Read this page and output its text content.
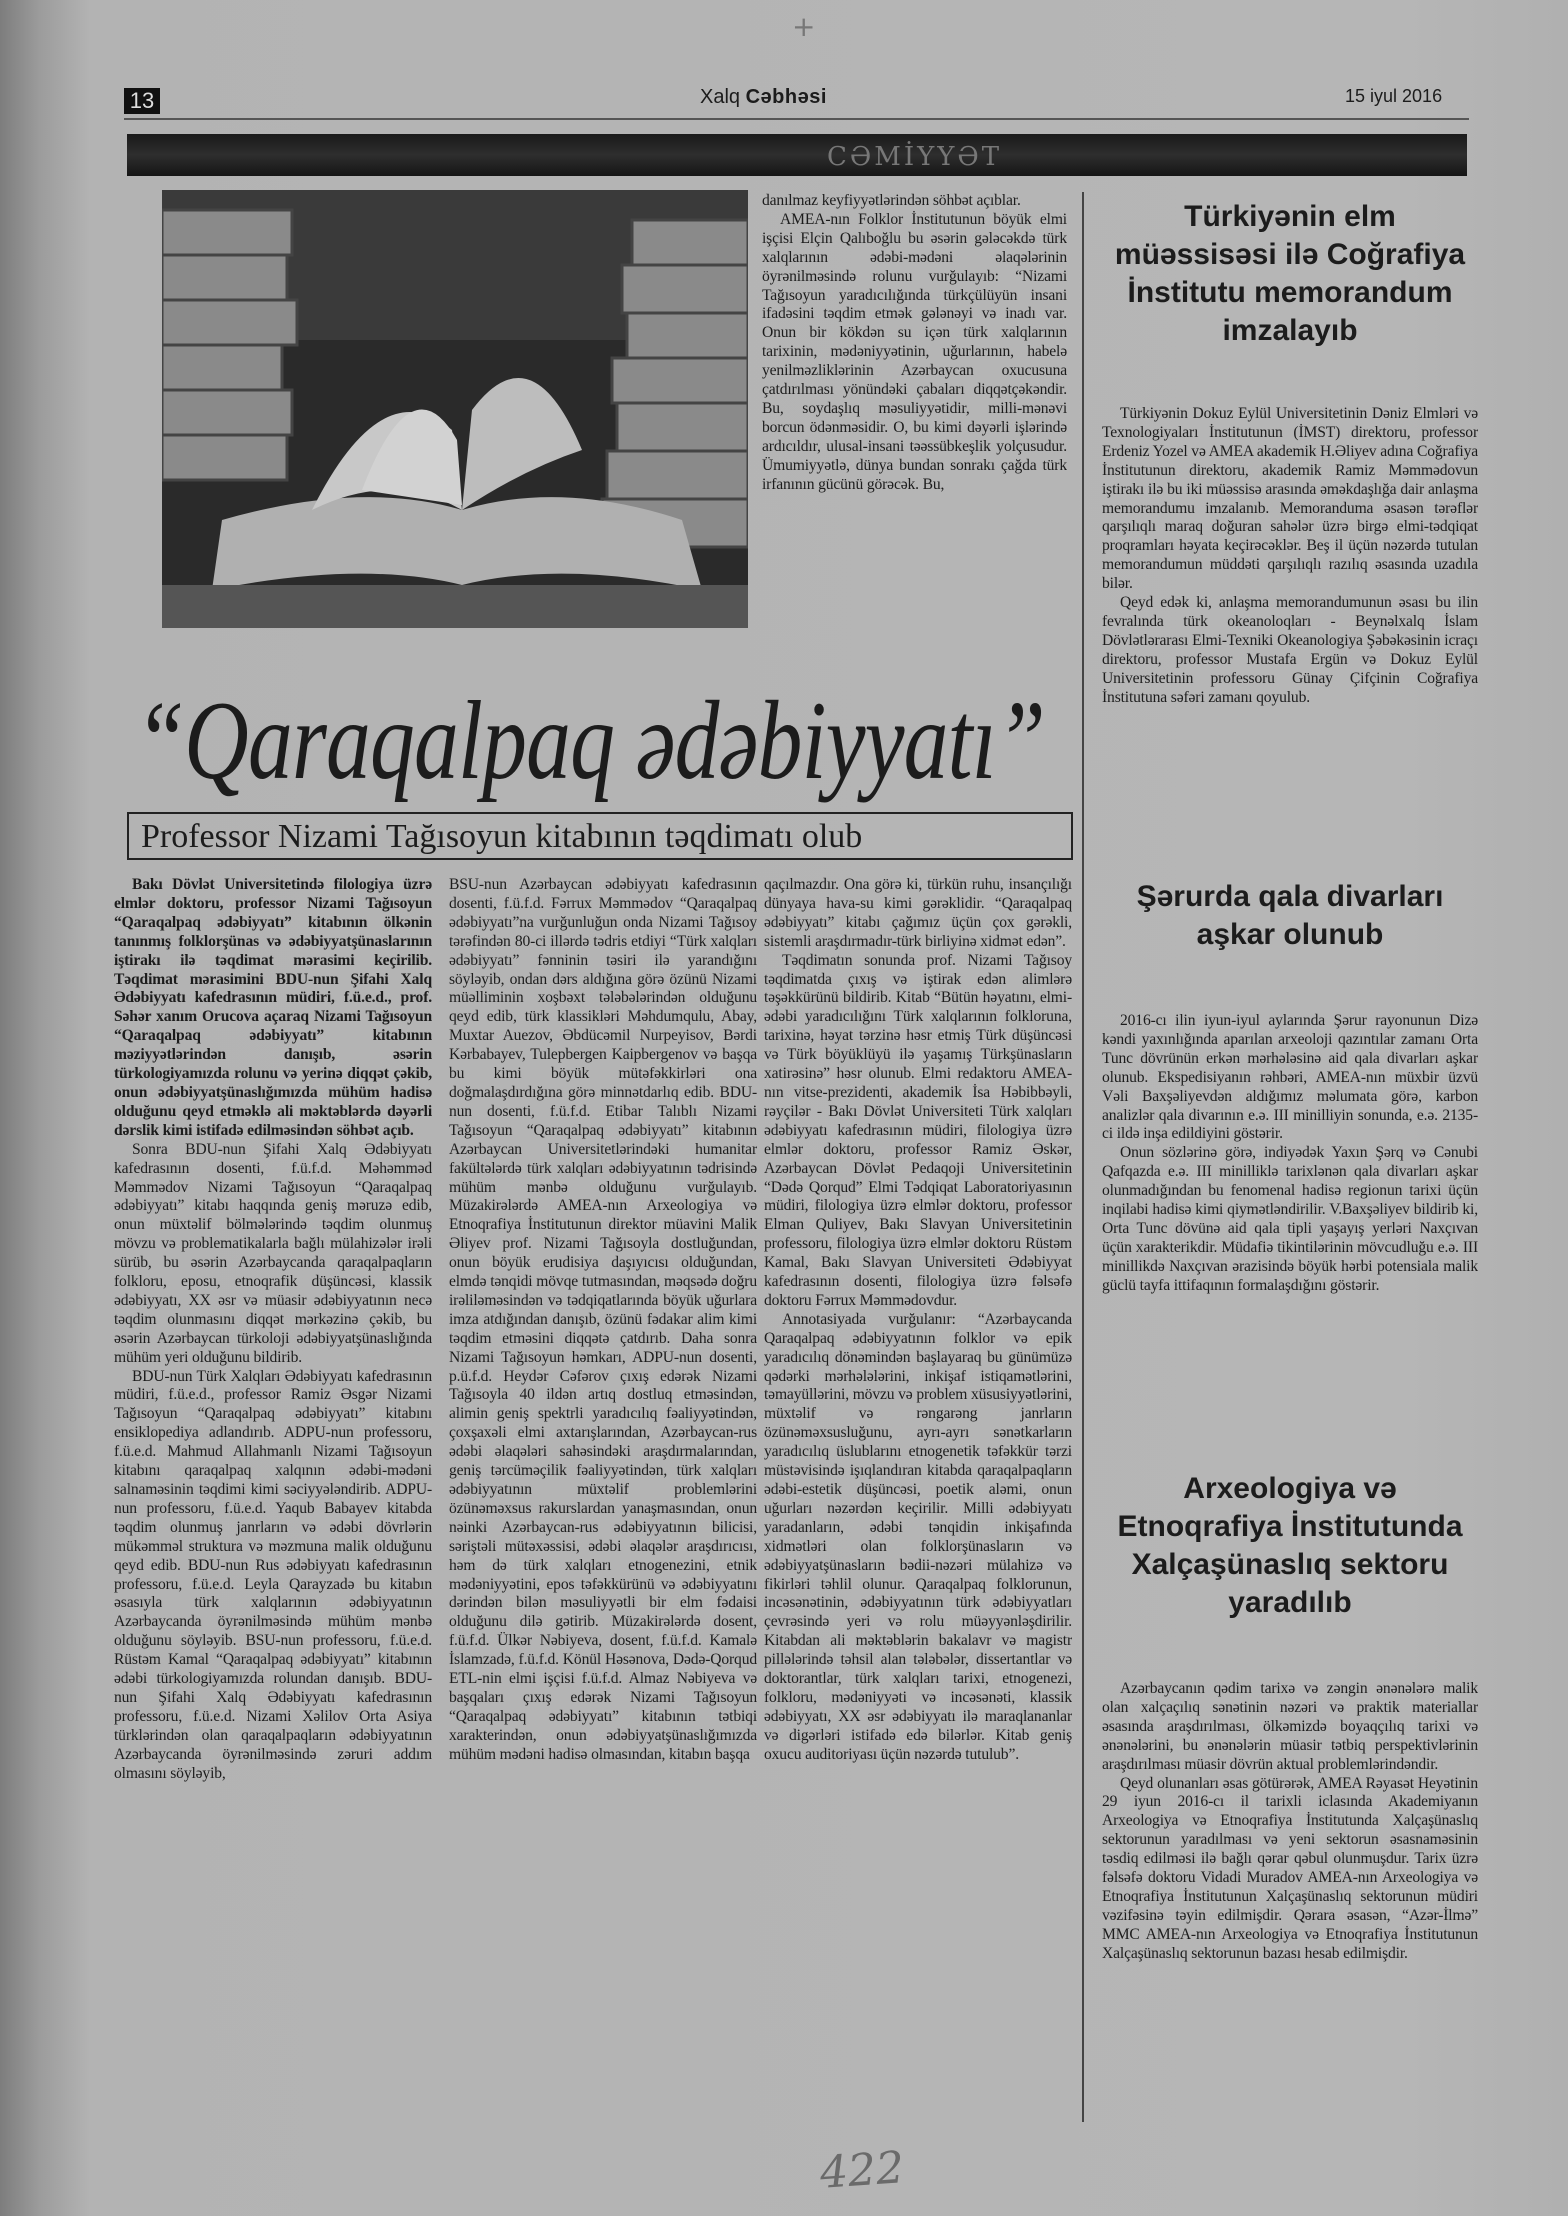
+
13	Xalq Cəbhəsi	15 iyul 2016
CƏMİYYƏT

danılmaz keyfiyyətlərindən söhbət açıblar.

AMEA-nın Folklor İnstitutunun böyük elmi işçisi Elçin Qalıboğlu bu əsərin gələcəkdə türk xalqlarının ədəbi-mədəni əlaqələrinin öyrənilməsində rolunu vurğulayıb: “Nizami Tağısoyun yaradıcılığında türkçülüyün insani ifadəsini təqdim etmək gələnəyi və inadı var. Onun bir kökdən su içən türk xalqlarının tarixinin, mədəniyyətinin, uğurlarının, habelə yenilməzliklərinin Azərbaycan oxucusuna çatdırılması yönündəki çabaları diqqətçəkəndir. Bu, soydaşlıq məsuliyyətidir, milli-mənəvi borcun ödənməsidir. O, bu kimi dəyərli işlərində ardıcıldır, ulusal-insani təəssübkeşlik yolçusudur. Ümumiyyətlə, dünya bundan sonrakı çağda türk irfanının gücünü görəcək. Bu,

“Qaraqalpaq ədəbiyyatı”
Professor Nizami Tağısoyun kitabının təqdimatı olub

Bakı Dövlət Universitetində filologiya üzrə elmlər doktoru, professor Nizami Tağısoyun “Qaraqalpaq ədəbiyyatı” kitabının ölkənin tanınmış folklorşünas və ədəbiyyatşünaslarının iştirakı ilə təqdimat mərasimi keçirilib. Təqdimat mərasimini BDU-nun Şifahi Xalq Ədəbiyyatı kafedrasının müdiri, f.ü.e.d., prof. Səhər xanım Orucova açaraq Nizami Tağısoyun “Qaraqalpaq ədəbiyyatı” kitabının məziyyətlərindən danışıb, əsərin türkologiyamızda rolunu və yerinə diqqət çəkib, onun ədəbiyyatşünaslığımızda mühüm hadisə olduğunu qeyd etməklə ali məktəblərdə dəyərli dərslik kimi istifadə edilməsindən söhbət açıb.

Sonra BDU-nun Şifahi Xalq Ədəbiyyatı kafedrasının dosenti, f.ü.f.d. Məhəmməd Məmmədov Nizami Tağısoyun “Qaraqalpaq ədəbiyyatı” kitabı haqqında geniş məruzə edib, onun müxtəlif bölmələrində təqdim olunmuş mövzu və problematikalarla bağlı mülahizələr irəli sürüb, bu əsərin Azərbaycanda qaraqalpaqların folkloru, eposu, etnoqrafik düşüncəsi, klassik ədəbiyyatı, XX əsr və müasir ədəbiyyatının necə təqdim olunmasını diqqət mərkəzinə çəkib, bu əsərin Azərbaycan türkoloji ədəbiyyatşünaslığında mühüm yeri olduğunu bildirib.

BDU-nun Türk Xalqları Ədəbiyyatı kafedrasının müdiri, f.ü.e.d., professor Ramiz Əsgər Nizami Tağısoyun “Qaraqalpaq ədəbiyyatı” kitabını ensiklopediya adlandırıb. ADPU-nun professoru, f.ü.e.d. Mahmud Allahmanlı Nizami Tağısoyun kitabını qaraqalpaq xalqının ədəbi-mədəni salnaməsinin təqdimi kimi səciyyələndirib. ADPU-nun professoru, f.ü.e.d. Yaqub Babayev kitabda təqdim olunmuş janrların və ədəbi dövrlərin mükəmməl struktura və məzmuna malik olduğunu qeyd edib. BDU-nun Rus ədəbiyyatı kafedrasının professoru, f.ü.e.d. Leyla Qarayzadə bu kitabın əsasıyla türk xalqlarının ədəbiyyatının Azərbaycanda öyrənilməsində mühüm mənbə olduğunu söyləyib. BSU-nun professoru, f.ü.e.d. Rüstəm Kamal “Qaraqalpaq ədəbiyyatı” kitabının ədəbi türkologiyamızda rolundan danışıb. BDU-nun Şifahi Xalq Ədəbiyyatı kafedrasının professoru, f.ü.e.d. Nizami Xəlilov Orta Asiya türklərindən olan qaraqalpaqların ədəbiyyatının Azərbaycanda öyrənilməsində zəruri addım olmasını söyləyib,

BSU-nun Azərbaycan ədəbiyyatı kafedrasının dosenti, f.ü.f.d. Fərrux Məmmədov “Qaraqalpaq ədəbiyyatı”na vurğunluğun onda Nizami Tağısoy tərəfindən 80-ci illərdə tədris etdiyi “Türk xalqları ədəbiyyatı” fənninin təsiri ilə yarandığını söyləyib, ondan dərs aldığına görə özünü Nizami müəlliminin xoşbəxt tələbələrindən olduğunu qeyd edib, türk klassikləri Məhdumqulu, Abay, Muxtar Auezov, Əbdücəmil Nurpeyisov, Bərdi Kərbabayev, Tulepbergen Kaipbergenov və başqa bu kimi böyük mütəfəkkirləri ona doğmalaşdırdığına görə minnətdarlıq edib. BDU-nun dosenti, f.ü.f.d. Etibar Talıblı Nizami Tağısoyun “Qaraqalpaq ədəbiyyatı” kitabının Azərbaycan Universitetlərindəki humanitar fakültələrdə türk xalqları ədəbiyyatının tədrisində mühüm mənbə olduğunu vurğulayıb. Müzakirələrdə AMEA-nın Arxeologiya və Etnoqrafiya İnstitutunun direktor müavini Malik Əliyev prof. Nizami Tağısoyla dostluğundan, onun böyük erudisiya daşıyıcısı olduğundan, elmdə tənqidi mövqe tutmasından, məqsədə doğru irəliləməsindən və tədqiqatlarında böyük uğurlara imza atdığından danışıb, özünü fədakar alim kimi təqdim etməsini diqqətə çatdırıb. Daha sonra Nizami Tağısoyun həmkarı, ADPU-nun dosenti, p.ü.f.d. Heydər Cəfərov çıxış edərək Nizami Tağısoyla 40 ildən artıq dostluq etməsindən, alimin geniş spektrli yaradıcılıq fəaliyyətindən, çoxşaxəli elmi axtarışlarından, Azərbaycan-rus ədəbi əlaqələri sahəsindəki araşdırmalarından, geniş tərcüməçilik fəaliyyətindən, türk xalqları ədəbiyyatının müxtəlif problemlərini özünəməxsus rakurslardan yanaşmasından, onun nəinki Azərbaycan-rus ədəbiyyatının bilicisi, səriştəli mütəxəssisi, ədəbi əlaqələr araşdırıcısı, həm də türk xalqları etnogenezini, etnik mədəniyyətini, epos təfəkkürünü və ədəbiyyatını dərindən bilən məsuliyyətli bir elm fədaisi olduğunu dilə gətirib. Müzakirələrdə dosent, f.ü.f.d. Ülkər Nəbiyeva, dosent, f.ü.f.d. Kamalə İslamzadə, f.ü.f.d. Könül Həsənova, Dədə-Qorqud ETL-nin elmi işçisi f.ü.f.d. Almaz Nəbiyeva və başqaları çıxış edərək Nizami Tağısoyun “Qaraqalpaq ədəbiyyatı” kitabının tətbiqi xarakterindən, onun ədəbiyyatşünaslığımızda mühüm mədəni hadisə olmasından, kitabın başqa

qaçılmazdır. Ona görə ki, türkün ruhu, insançılığı dünyaya hava-su kimi gərəklidir. “Qaraqalpaq ədəbiyyatı” kitabı çağımız üçün çox gərəkli, sistemli araşdırmadır-türk birliyinə xidmət edən”.

Təqdimatın sonunda prof. Nizami Tağısoy təqdimatda çıxış və iştirak edən alimlərə təşəkkürünü bildirib. Kitab “Bütün həyatını, elmi-ədəbi yaradıcılığını Türk xalqlarının folkloruna, tarixinə, həyat tərzinə həsr etmiş Türk düşüncəsi və Türk böyüklüyü ilə yaşamış Türkşünasların xatirəsinə” həsr olunub. Elmi redaktoru AMEA-nın vitse-prezidenti, akademik İsa Həbibbəyli, rəyçilər - Bakı Dövlət Universiteti Türk xalqları ədəbiyyatı kafedrasının müdiri, filologiya üzrə elmlər doktoru, professor Ramiz Əskər, Azərbaycan Dövlət Pedaqoji Universitetinin “Dədə Qorqud” Elmi Tədqiqat Laboratoriyasının müdiri, filologiya üzrə elmlər doktoru, professor Elman Quliyev, Bakı Slavyan Universitetinin professoru, filologiya üzrə elmlər doktoru Rüstəm Kamal, Bakı Slavyan Universiteti Ədəbiyyat kafedrasının dosenti, filologiya üzrə fəlsəfə doktoru Fərrux Məmmədovdur.

Annotasiyada vurğulanır: “Azərbaycanda Qaraqalpaq ədəbiyyatının folklor və epik yaradıcılıq dönəmindən başlayaraq bu günümüzə qədərki mərhələlərini, inkişaf istiqamətlərini, təmayüllərini, mövzu və problem xüsusiyyətlərini, müxtəlif və rəngarəng janrların özünəməxsusluğunu, ayrı-ayrı sənətkarların yaradıcılıq üslublarını etnogenetik təfəkkür tərzi müstəvisində işıqlandıran kitabda qaraqalpaqların ədəbi-estetik düşüncəsi, poetik aləmi, onun uğurları nəzərdən keçirilir. Milli ədəbiyyatı yaradanların, ədəbi tənqidin inkişafında xidmətləri olan folklorşünasların və ədəbiyyatşünasların bədii-nəzəri mülahizə və fikirləri təhlil olunur. Qaraqalpaq folklorunun, incəsənətinin, ədəbiyyatının türk ədəbiyyatları çevrəsində yeri və rolu müəyyənləşdirilir. Kitabdan ali məktəblərin bakalavr və magistr pillələrində təhsil alan tələbələr, dissertantlar və doktorantlar, türk xalqları tarixi, etnogenezi, folkloru, mədəniyyəti və incəsənəti, klassik ədəbiyyatı, XX əsr ədəbiyyatı ilə maraqlananlar və digərləri istifadə edə bilərlər. Kitab geniş oxucu auditoriyası üçün nəzərdə tutulub”.

Türkiyənin elm müəssisəsi ilə Coğrafiya İnstitutu memorandum imzalayıb

Türkiyənin Dokuz Eylül Universitetinin Dəniz Elmləri və Texnologiyaları İnstitutunun (İMST) direktoru, professor Erdeniz Yozel və AMEA akademik H.Əliyev adına Coğrafiya İnstitutunun direktoru, akademik Ramiz Məmmədovun iştirakı ilə bu iki müəssisə arasında əməkdaşlığa dair anlaşma memorandumu imzalanıb. Memoranduma əsasən tərəflər qarşılıqlı maraq doğuran sahələr üzrə birgə elmi-tədqiqat proqramları həyata keçirəcəklər. Beş il üçün nəzərdə tutulan memorandumun müddəti qarşılıqlı razılıq əsasında uzadıla bilər.

Qeyd edək ki, anlaşma memorandumunun əsası bu ilin fevralında türk okeanoloqları - Beynəlxalq İslam Dövlətlərarası Elmi-Texniki Okeanologiya Şəbəkəsinin icraçı direktoru, professor Mustafa Ergün və Dokuz Eylül Universitetinin professoru Günay Çifçinin Coğrafiya İnstitutuna səfəri zamanı qoyulub.

Şərurda qala divarları aşkar olunub

2016-cı ilin iyun-iyul aylarında Şərur rayonunun Dizə kəndi yaxınlığında aparılan arxeoloji qazıntılar zamanı Orta Tunc dövrünün erkən mərhələsinə aid qala divarları aşkar olunub. Ekspedisiyanın rəhbəri, AMEA-nın müxbir üzvü Vəli Baxşəliyevdən aldığımız məlumata görə, karbon analizlər qala divarının e.ə. III minilliyin sonunda, e.ə. 2135-ci ildə inşa edildiyini göstərir.

Onun sözlərinə görə, indiyədək Yaxın Şərq və Cənubi Qafqazda e.ə. III minilliklə tarixlənən qala divarları aşkar olunmadığından bu fenomenal hadisə regionun tarixi üçün inqilabi hadisə kimi qiymətləndirilir. V.Baxşəliyev bildirib ki, Orta Tunc dövünə aid qala tipli yaşayış yerləri Naxçıvan üçün xarakterikdir. Müdafiə tikintilərinin mövcudluğu e.ə. III minillikdə Naxçıvan ərazisində böyük hərbi potensiala malik güclü tayfa ittifaqının formalaşdığını göstərir.

Arxeologiya və Etnoqrafiya İnstitutunda Xalçaşünaslıq sektoru yaradılıb

Azərbaycanın qədim tarixə və zəngin ənənələrə malik olan xalçaçılıq sənətinin nəzəri və praktik materiallar əsasında araşdırılması, ölkəmizdə boyaqçılıq tarixi və ənənələrini, bu ənənələrin müasir tətbiq perspektivlərinin araşdırılması müasir dövrün aktual problemlərindəndir.

Qeyd olunanları əsas götürərək, AMEA Rəyasət Heyətinin 29 iyun 2016-cı il tarixli iclasında Akademiyanın Arxeologiya və Etnoqrafiya İnstitutunda Xalçaşünaslıq sektorunun yaradılması və yeni sektorun əsasnaməsinin təsdiq edilməsi ilə bağlı qərar qəbul olunmuşdur. Tarix üzrə fəlsəfə doktoru Vidadi Muradov AMEA-nın Arxeologiya və Etnoqrafiya İnstitutunun Xalçaşünaslıq sektorunun müdiri vəzifəsinə təyin edilmişdir. Qərara əsasən, “Azər-İlmə” MMC AMEA-nın Arxeologiya və Etnoqrafiya İnstitutunun Xalçaşünaslıq sektorunun bazası hesab edilmişdir.

422
